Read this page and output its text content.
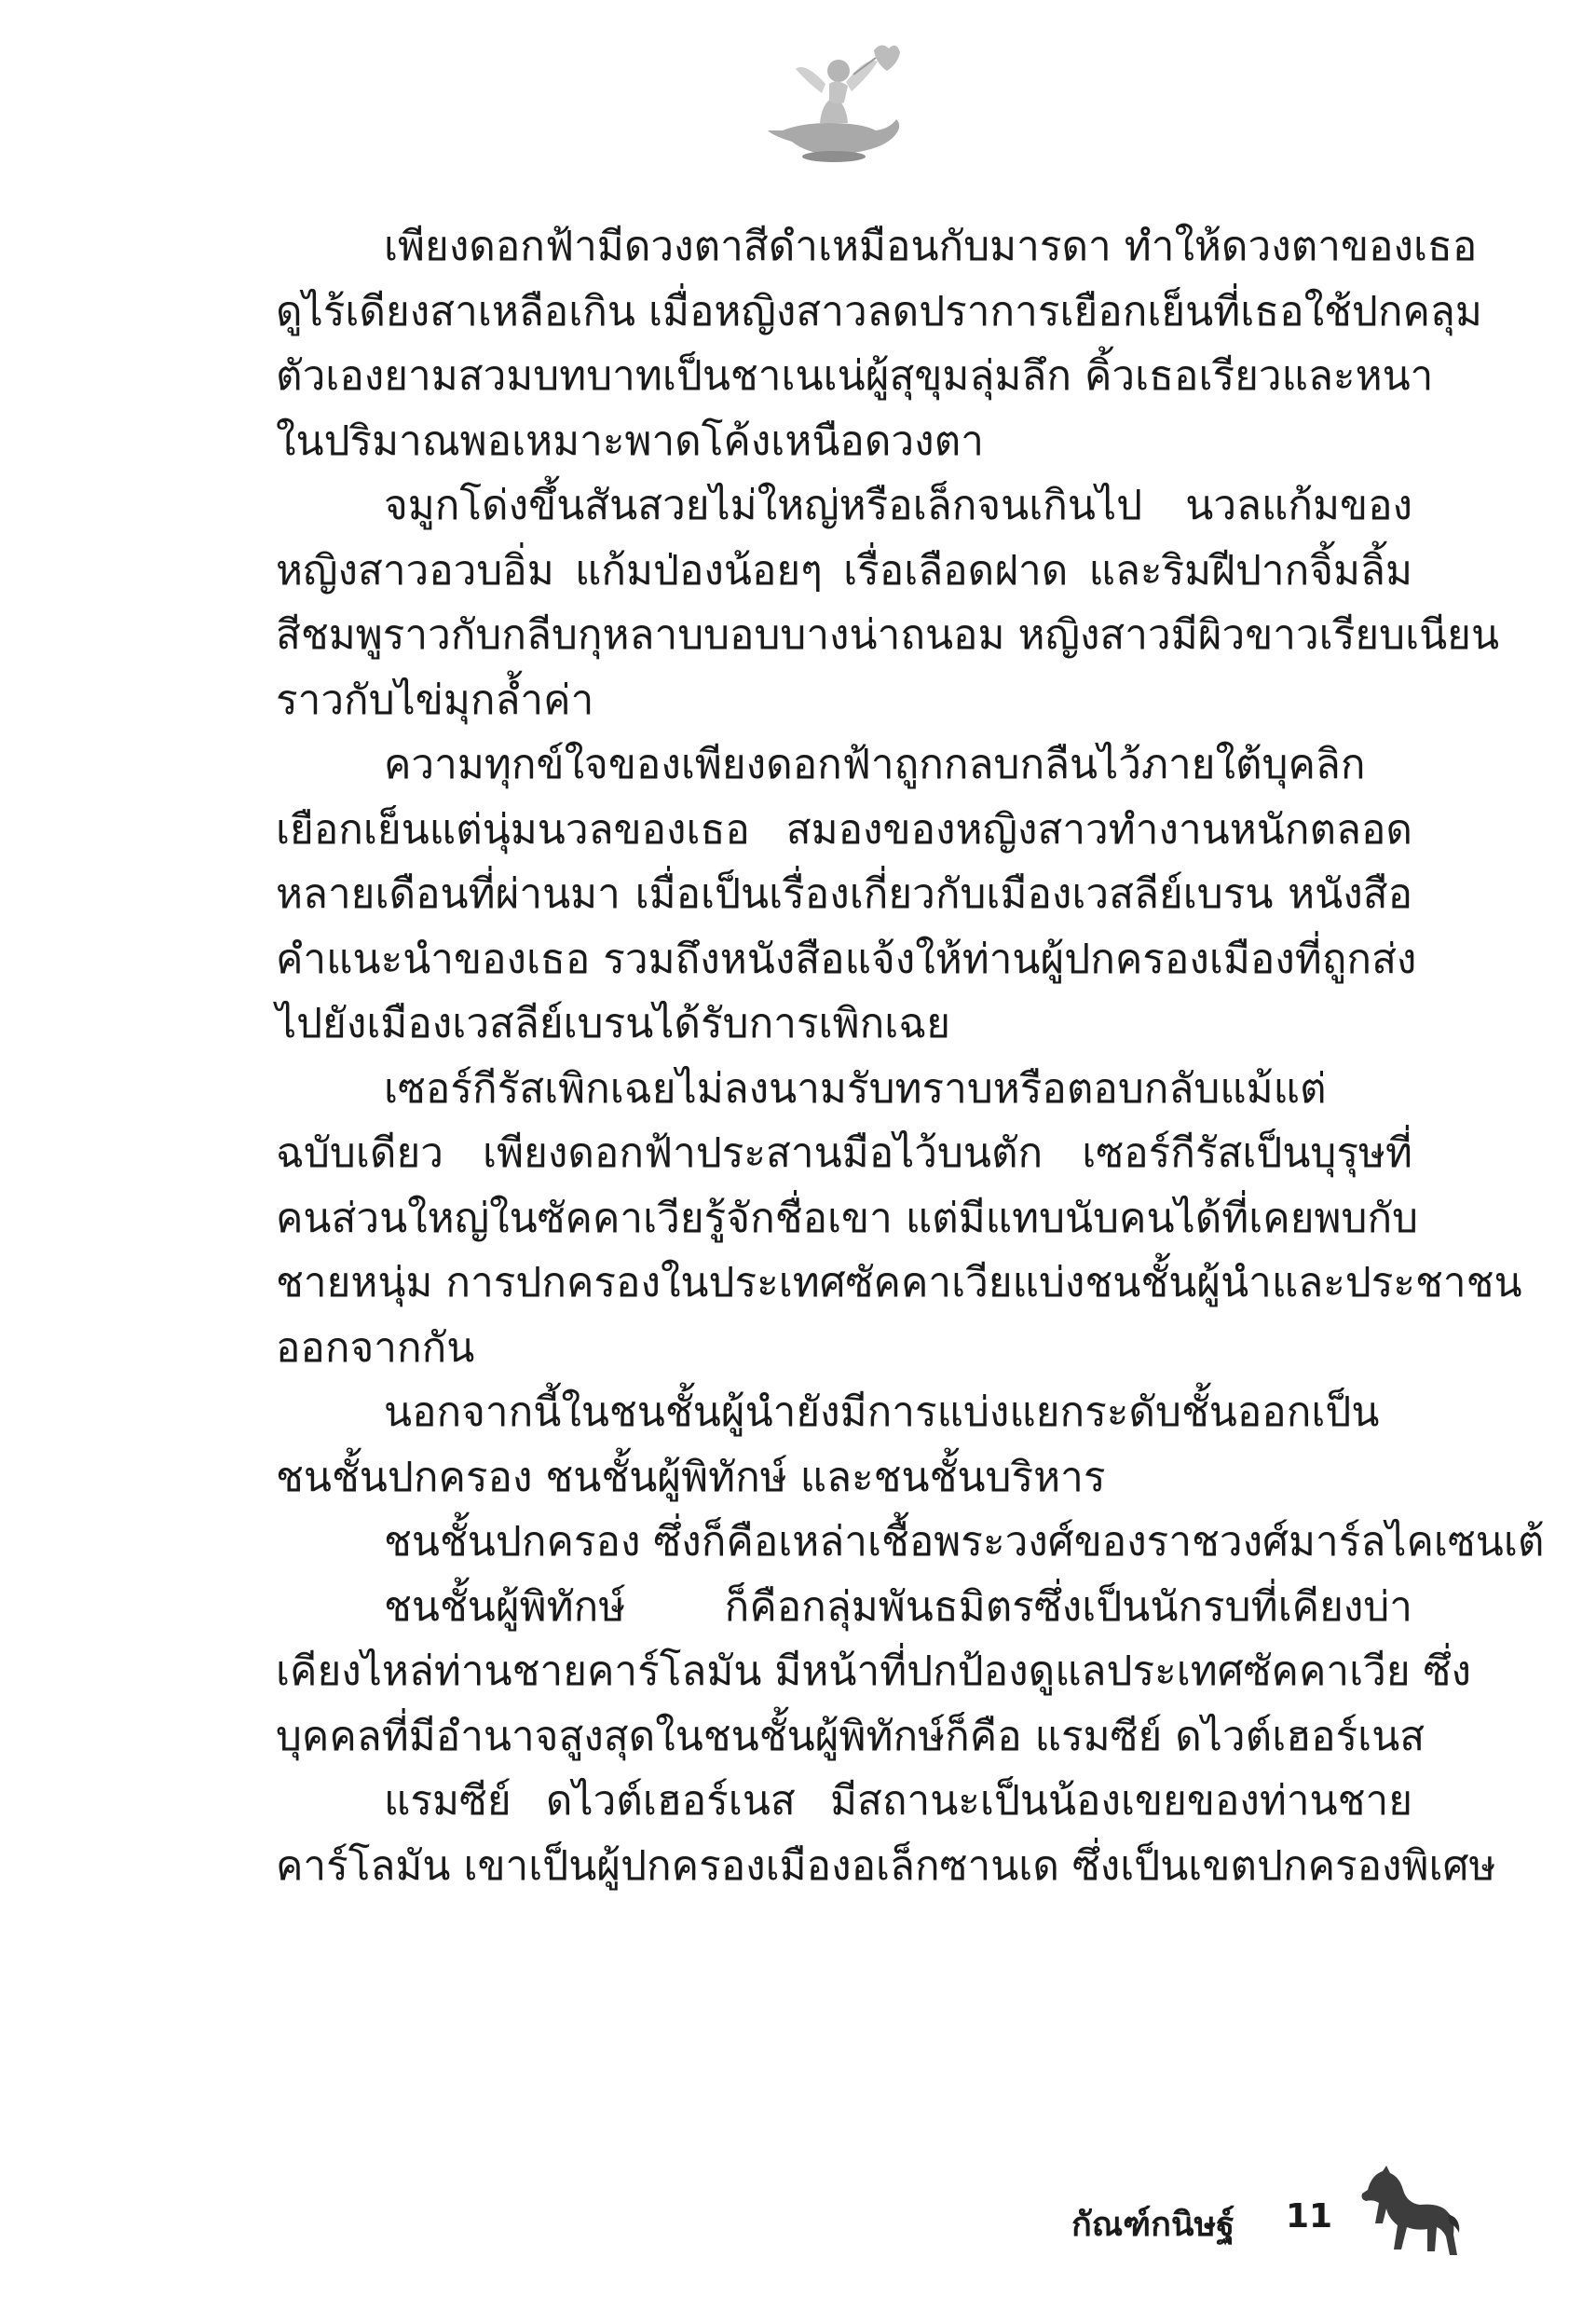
เพียงดอกฟ้ามีดวงตาสีดำเหมือนกับมารดา ทำให้ดวงตาของเธอ
ดูไร้เดียงสาเหลือเกิน เมื่อหญิงสาวลดปราการเยือกเย็นที่เธอใช้ปกคลุม
ตัวเองยามสวมบทบาทเป็นชาเนเน่ผู้สุขุมลุ่มลึก คิ้วเธอเรียวและหนา
ในปริมาณพอเหมาะพาดโค้งเหนือดวงตา
จมูกโด่งขึ้นสันสวยไม่ใหญ่หรือเล็กจนเกินไป นวลแก้มของ
หญิงสาวอวบอิ่ม แก้มป่องน้อยๆ เรื่อเลือดฝาด และริมฝีปากจิ้มลิ้ม
สีชมพูราวกับกลีบกุหลาบบอบบางน่าถนอม หญิงสาวมีผิวขาวเรียบเนียน
ราวกับไข่มุกล้ำค่า
ความทุกข์ใจของเพียงดอกฟ้าถูกกลบกลืนไว้ภายใต้บุคลิก
เยือกเย็นแต่นุ่มนวลของเธอ สมองของหญิงสาวทำงานหนักตลอด
หลายเดือนที่ผ่านมา เมื่อเป็นเรื่องเกี่ยวกับเมืองเวสลีย์เบรน หนังสือ
คำแนะนำของเธอ รวมถึงหนังสือแจ้งให้ท่านผู้ปกครองเมืองที่ถูกส่ง
ไปยังเมืองเวสลีย์เบรนได้รับการเพิกเฉย
เซอร์กีรัสเพิกเฉยไม่ลงนามรับทราบหรือตอบกลับแม้แต่
ฉบับเดียว เพียงดอกฟ้าประสานมือไว้บนตัก เซอร์กีรัสเป็นบุรุษที่
คนส่วนใหญ่ในซัคคาเวียรู้จักชื่อเขา แต่มีแทบนับคนได้ที่เคยพบกับ
ชายหนุ่ม การปกครองในประเทศซัคคาเวียแบ่งชนชั้นผู้นำและประชาชน
ออกจากกัน
นอกจากนี้ในชนชั้นผู้นำยังมีการแบ่งแยกระดับชั้นออกเป็น
ชนชั้นปกครอง ชนชั้นผู้พิทักษ์ และชนชั้นบริหาร
ชนชั้นปกครอง ซึ่งก็คือเหล่าเชื้อพระวงศ์ของราชวงศ์มาร์ลไคเซนเต้
ชนชั้นผู้พิทักษ์ ก็คือกลุ่มพันธมิตรซึ่งเป็นนักรบที่เคียงบ่า
เคียงไหล่ท่านชายคาร์โลมัน มีหน้าที่ปกป้องดูแลประเทศซัคคาเวีย ซึ่ง
บุคคลที่มีอำนาจสูงสุดในชนชั้นผู้พิทักษ์ก็คือ แรมซีย์ ดไวต์เฮอร์เนส
แรมซีย์ ดไวต์เฮอร์เนส มีสถานะเป็นน้องเขยของท่านชาย
คาร์โลมัน เขาเป็นผู้ปกครองเมืองอเล็กซานเด ซึ่งเป็นเขตปกครองพิเศษ
กัณฑ์กนิษฐ์ 11
